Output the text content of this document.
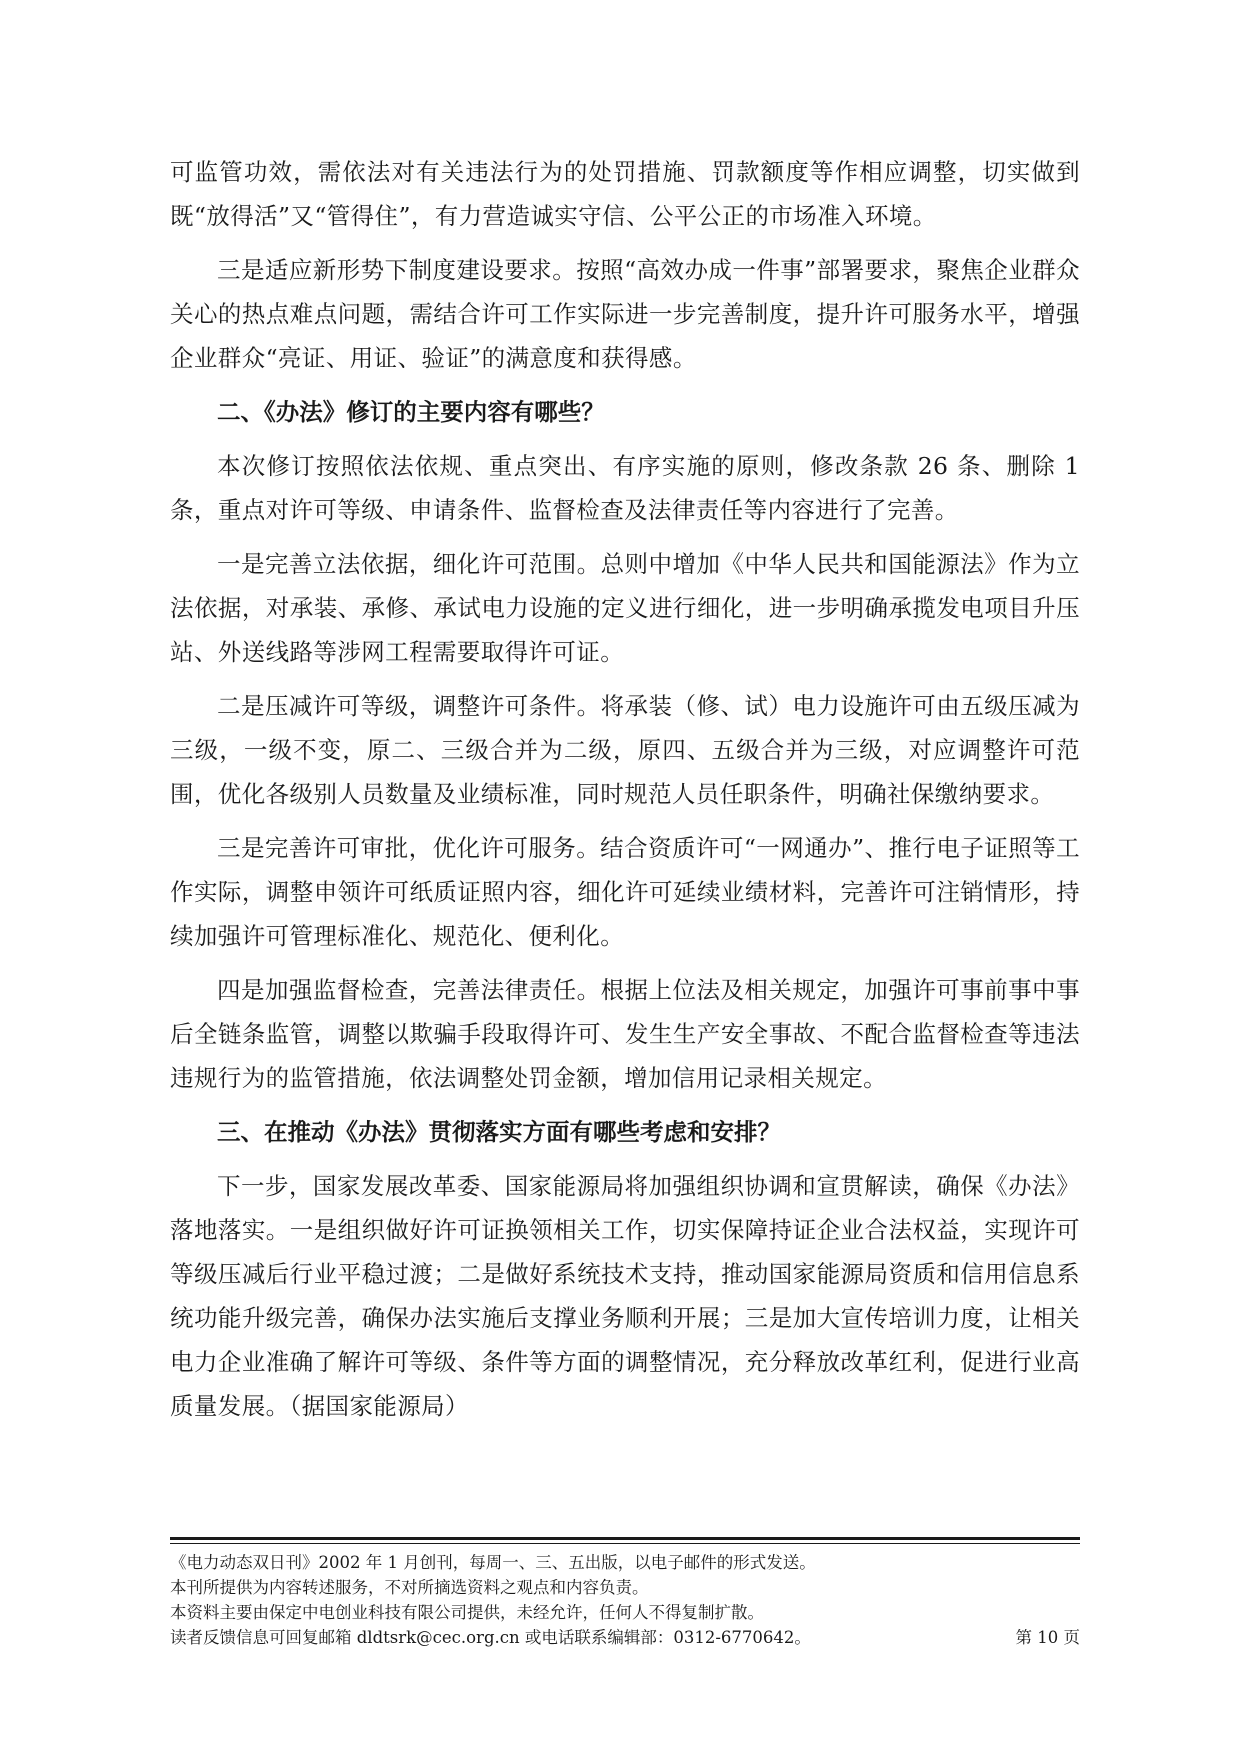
可监管功效，需依法对有关违法行为的处罚措施、罚款额度等作相应调整，切实做到既“放得活”又“管得住”，有力营造诚实守信、公平公正的市场准入环境。

三是适应新形势下制度建设要求。按照“高效办成一件事”部署要求，聚焦企业群众关心的热点难点问题，需结合许可工作实际进一步完善制度，提升许可服务水平，增强企业群众“亮证、用证、验证”的满意度和获得感。

二、《办法》修订的主要内容有哪些？

本次修订按照依法依规、重点突出、有序实施的原则，修改条款 26 条、删除 1 条，重点对许可等级、申请条件、监督检查及法律责任等内容进行了完善。

一是完善立法依据，细化许可范围。总则中增加《中华人民共和国能源法》作为立法依据，对承装、承修、承试电力设施的定义进行细化，进一步明确承揽发电项目升压站、外送线路等涉网工程需要取得许可证。

二是压减许可等级，调整许可条件。将承装（修、试）电力设施许可由五级压减为三级，一级不变，原二、三级合并为二级，原四、五级合并为三级，对应调整许可范围，优化各级别人员数量及业绩标准，同时规范人员任职条件，明确社保缴纳要求。

三是完善许可审批，优化许可服务。结合资质许可“一网通办”、推行电子证照等工作实际，调整申领许可纸质证照内容，细化许可延续业绩材料，完善许可注销情形，持续加强许可管理标准化、规范化、便利化。

四是加强监督检查，完善法律责任。根据上位法及相关规定，加强许可事前事中事后全链条监管，调整以欺骗手段取得许可、发生生产安全事故、不配合监督检查等违法违规行为的监管措施，依法调整处罚金额，增加信用记录相关规定。

三、在推动《办法》贯彻落实方面有哪些考虑和安排？

下一步，国家发展改革委、国家能源局将加强组织协调和宣贯解读，确保《办法》落地落实。一是组织做好许可证换领相关工作，切实保障持证企业合法权益，实现许可等级压减后行业平稳过渡；二是做好系统技术支持，推动国家能源局资质和信用信息系统功能升级完善，确保办法实施后支撑业务顺利开展；三是加大宣传培训力度，让相关电力企业准确了解许可等级、条件等方面的调整情况，充分释放改革红利，促进行业高质量发展。（据国家能源局）

《电力动态双日刊》2002 年 1 月创刊，每周一、三、五出版，以电子邮件的形式发送。
本刊所提供为内容转述服务，不对所摘选资料之观点和内容负责。
本资料主要由保定中电创业科技有限公司提供，未经允许，任何人不得复制扩散。
读者反馈信息可回复邮箱 dldtsrk@cec.org.cn 或电话联系编辑部：0312-6770642。	第 10 页
